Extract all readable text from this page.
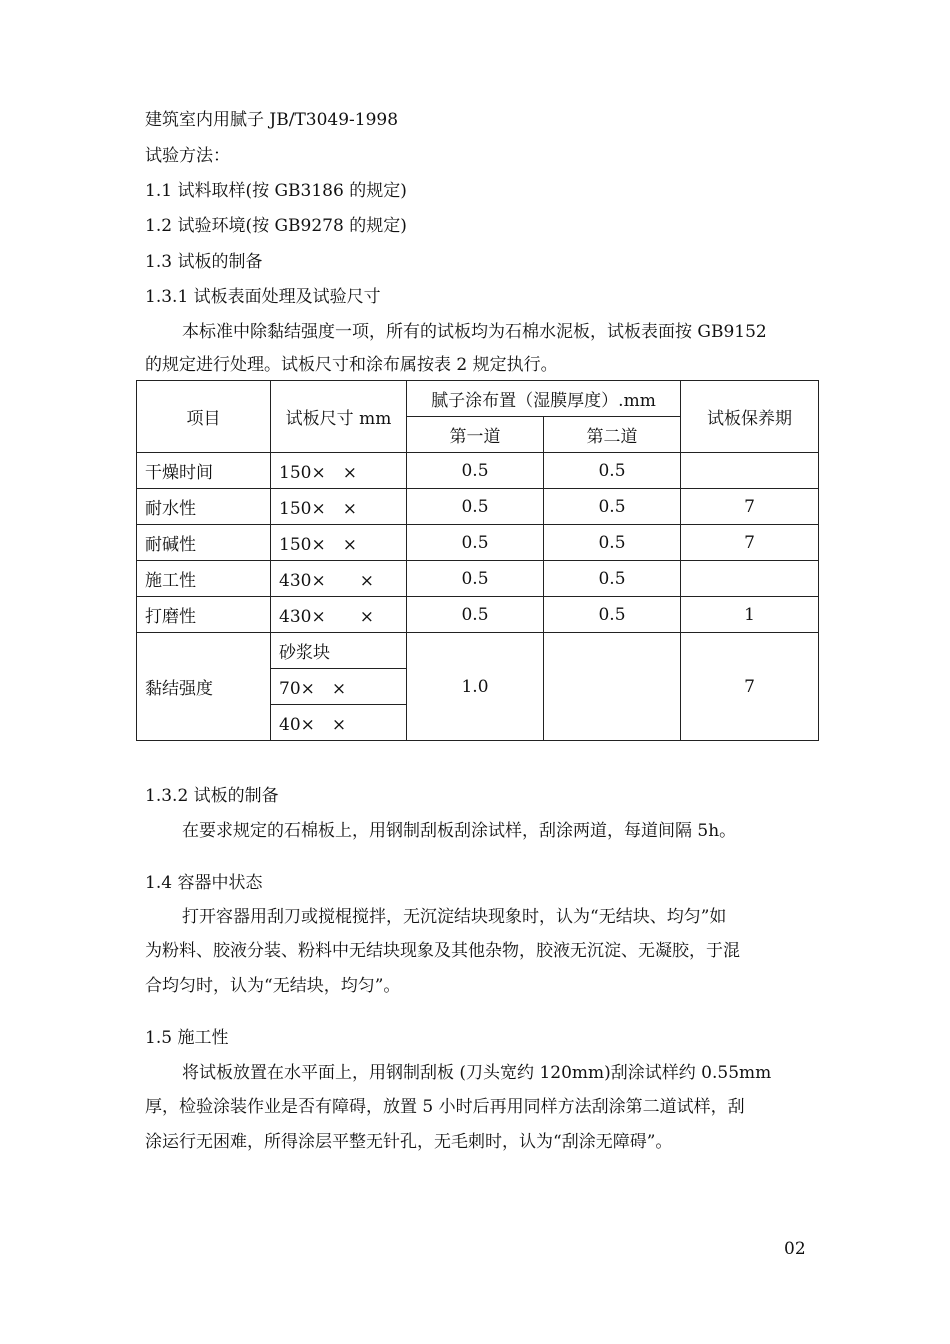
建筑室内用腻子 JB/T3049-1998
试验方法：
1.1 试料取样(按 GB3186 的规定)
1.2 试验环境(按 GB9278 的规定)
1.3 试板的制备
1.3.1 试板表面处理及试验尺寸
本标准中除黏结强度一项，所有的试板均为石棉水泥板，试板表面按 GB9152
的规定进行处理。试板尺寸和涂布属按表 2 规定执行。
项目	试板尺寸 mm	腻子涂布置（湿膜厚度）.mm		试板保养期
		第一道	第二道	
干燥时间	150×　×	0.5	0.5	
耐水性	150×　×	0.5	0.5	7
耐碱性	150×　×	0.5	0.5	7
施工性	430×　　×	0.5	0.5	
打磨性	430×　　×	0.5	0.5	1
黏结强度	砂浆块	1.0		7
	70×　×			
	40×　×			
1.3.2 试板的制备
在要求规定的石棉板上，用钢制刮板刮涂试样，刮涂两道，每道间隔 5h。
1.4 容器中状态
打开容器用刮刀或搅棍搅拌，无沉淀结块现象时，认为“无结块、均匀”如
为粉料、胶液分装、粉料中无结块现象及其他杂物，胶液无沉淀、无凝胶，于混
合均匀时，认为“无结块，均匀”。
1.5 施工性
将试板放置在水平面上，用钢制刮板 (刀头宽约 120mm)刮涂试样约 0.55mm
厚，检验涂装作业是否有障碍，放置 5 小时后再用同样方法刮涂第二道试样，刮
涂运行无困难，所得涂层平整无针孔，无毛刺时，认为“刮涂无障碍”。
02
